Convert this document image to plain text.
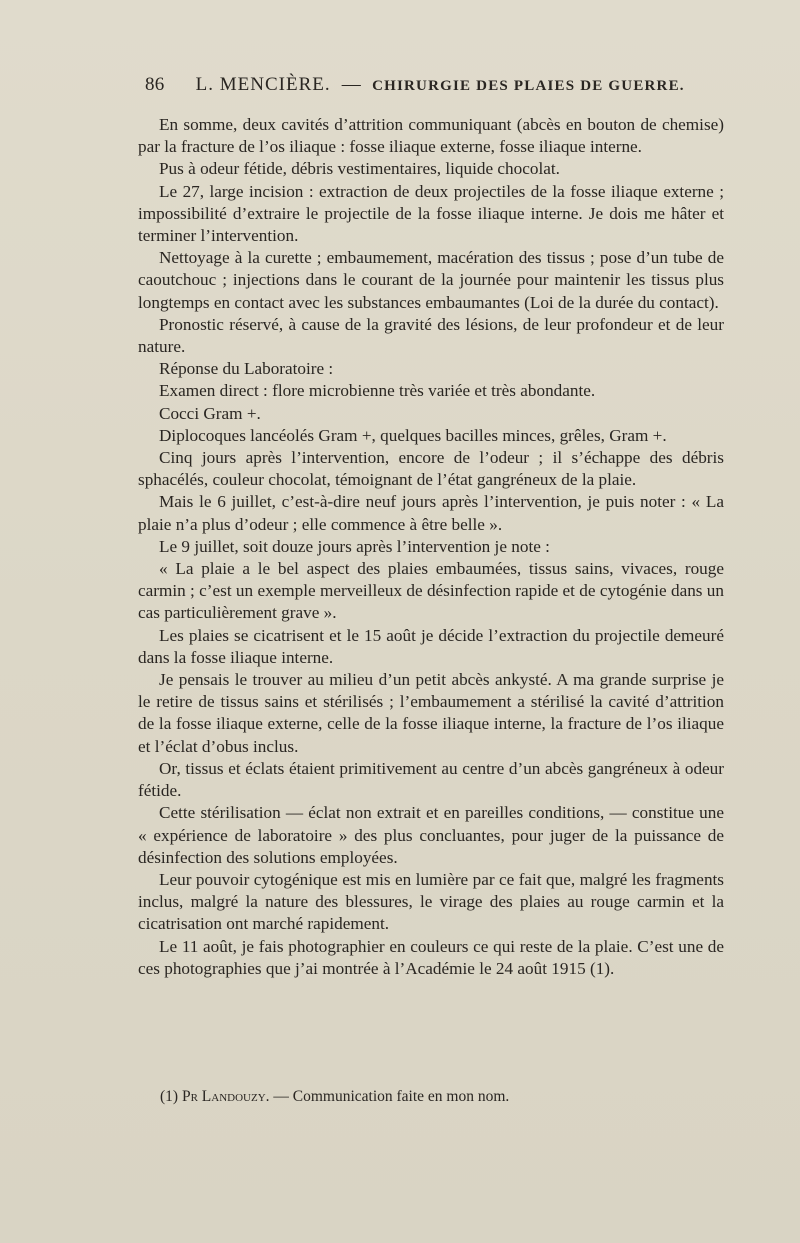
86 L. MENCIÈRE. — CHIRURGIE DES PLAIES DE GUERRE.

En somme, deux cavités d’attrition communiquant (abcès en bouton de chemise) par la fracture de l’os iliaque : fosse iliaque externe, fosse iliaque interne.

Pus à odeur fétide, débris vestimentaires, liquide chocolat.

Le 27, large incision : extraction de deux projectiles de la fosse iliaque externe ; impossibilité d’extraire le projectile de la fosse iliaque interne. Je dois me hâter et terminer l’intervention.

Nettoyage à la curette ; embaumement, macération des tissus ; pose d’un tube de caoutchouc ; injections dans le courant de la journée pour maintenir les tissus plus longtemps en contact avec les substances embaumantes (Loi de la durée du contact).

Pronostic réservé, à cause de la gravité des lésions, de leur profondeur et de leur nature.

Réponse du Laboratoire :

Examen direct : flore microbienne très variée et très abondante.

Cocci Gram +.

Diplocoques lancéolés Gram +, quelques bacilles minces, grêles, Gram +.

Cinq jours après l’intervention, encore de l’odeur ; il s’échappe des débris sphacélés, couleur chocolat, témoignant de l’état gangréneux de la plaie.

Mais le 6 juillet, c’est-à-dire neuf jours après l’intervention, je puis noter : « La plaie n’a plus d’odeur ; elle commence à être belle ».

Le 9 juillet, soit douze jours après l’intervention je note :

« La plaie a le bel aspect des plaies embaumées, tissus sains, vivaces, rouge carmin ; c’est un exemple merveilleux de désinfection rapide et de cytogénie dans un cas particulièrement grave ».

Les plaies se cicatrisent et le 15 août je décide l’extraction du projectile demeuré dans la fosse iliaque interne.

Je pensais le trouver au milieu d’un petit abcès ankysté. A ma grande surprise je le retire de tissus sains et stérilisés ; l’embaumement a stérilisé la cavité d’attrition de la fosse iliaque externe, celle de la fosse iliaque interne, la fracture de l’os iliaque et l’éclat d’obus inclus.

Or, tissus et éclats étaient primitivement au centre d’un abcès gangréneux à odeur fétide.

Cette stérilisation — éclat non extrait et en pareilles conditions, — constitue une « expérience de laboratoire » des plus concluantes, pour juger de la puissance de désinfection des solutions employées.

Leur pouvoir cytogénique est mis en lumière par ce fait que, malgré les fragments inclus, malgré la nature des blessures, le virage des plaies au rouge carmin et la cicatrisation ont marché rapidement.

Le 11 août, je fais photographier en couleurs ce qui reste de la plaie. C’est une de ces photographies que j’ai montrée à l’Académie le 24 août 1915 (1).

(1) Pr Landouzy. — Communication faite en mon nom.
